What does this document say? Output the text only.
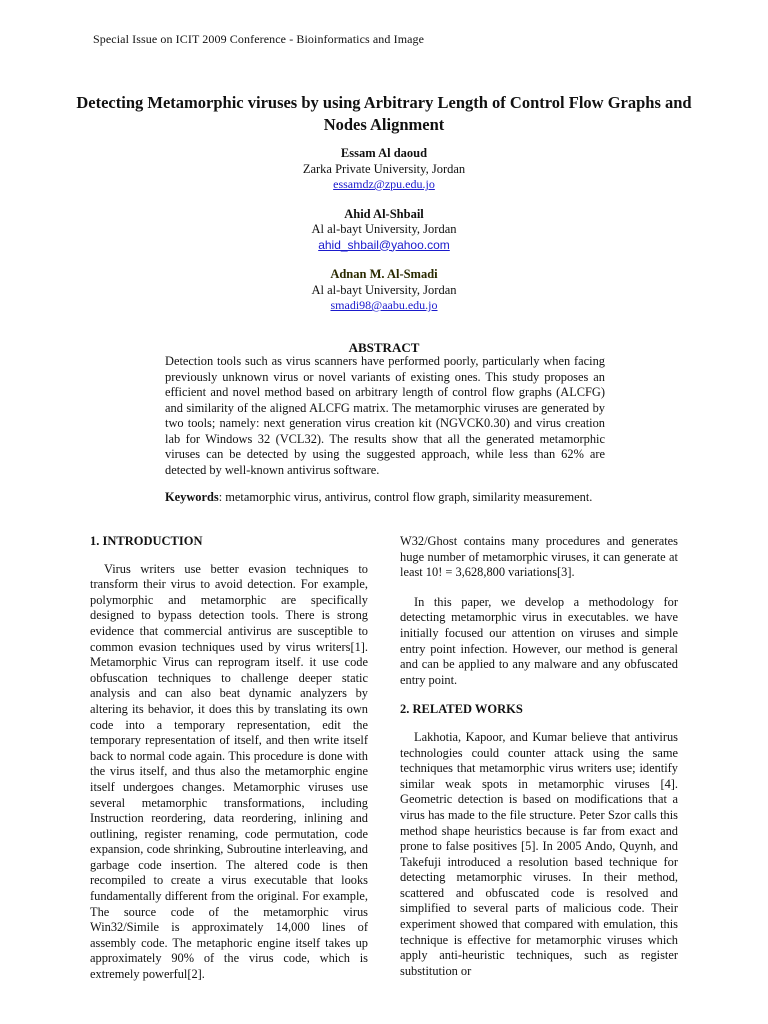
Special Issue on ICIT 2009 Conference - Bioinformatics and Image
Detecting Metamorphic viruses by using Arbitrary Length of Control Flow Graphs and Nodes Alignment
Essam Al daoud
Zarka Private University, Jordan
essamdz@zpu.edu.jo
Ahid Al-Shbail
Al al-bayt University, Jordan
ahid_shbail@yahoo.com
Adnan M. Al-Smadi
Al al-bayt University, Jordan
smadi98@aabu.edu.jo
ABSTRACT
Detection tools such as virus scanners have performed poorly, particularly when facing previously unknown virus or novel variants of existing ones. This study proposes an efficient and novel method based on arbitrary length of control flow graphs (ALCFG) and similarity of the aligned ALCFG matrix. The metamorphic viruses are generated by two tools; namely: next generation virus creation kit (NGVCK0.30) and virus creation lab for Windows 32 (VCL32). The results show that all the generated metamorphic viruses can be detected by using the suggested approach, while less than 62% are detected by well-known antivirus software.
Keywords: metamorphic virus, antivirus, control flow graph, similarity measurement.
1. INTRODUCTION

Virus writers use better evasion techniques to transform their virus to avoid detection. For example, polymorphic and metamorphic are specifically designed to bypass detection tools. There is strong evidence that commercial antivirus are susceptible to common evasion techniques used by virus writers[1]. Metamorphic Virus can reprogram itself. it use code obfuscation techniques to challenge deeper static analysis and can also beat dynamic analyzers by altering its behavior, it does this by translating its own code into a temporary representation, edit the temporary representation of itself, and then write itself back to normal code again. This procedure is done with the virus itself, and thus also the metamorphic engine itself undergoes changes. Metamorphic viruses use several metamorphic transformations, including Instruction reordering, data reordering, inlining and outlining, register renaming, code permutation, code expansion, code shrinking, Subroutine interleaving, and garbage code insertion. The altered code is then recompiled to create a virus executable that looks fundamentally different from the original. For example, The source code of the metamorphic virus Win32/Simile is approximately 14,000 lines of assembly code. The metaphoric engine itself takes up approximately 90% of the virus code, which is extremely powerful[2].

W32/Ghost contains many procedures and generates huge number of metamorphic viruses, it can generate at least 10! = 3,628,800 variations[3].

In this paper, we develop a methodology for detecting metamorphic virus in executables. we have initially focused our attention on viruses and simple entry point infection. However, our method is general and can be applied to any malware and any obfuscated entry point.

2. RELATED WORKS

Lakhotia, Kapoor, and Kumar believe that antivirus technologies could counter attack using the same techniques that metamorphic virus writers use; identify similar weak spots in metamorphic viruses [4]. Geometric detection is based on modifications that a virus has made to the file structure. Peter Szor calls this method shape heuristics because is far from exact and prone to false positives [5]. In 2005 Ando, Quynh, and Takefuji introduced a resolution based technique for detecting metamorphic viruses. In their method, scattered and obfuscated code is resolved and simplified to several parts of malicious code. Their experiment showed that compared with emulation, this technique is effective for metamorphic viruses which apply anti-heuristic techniques, such as register substitution or
